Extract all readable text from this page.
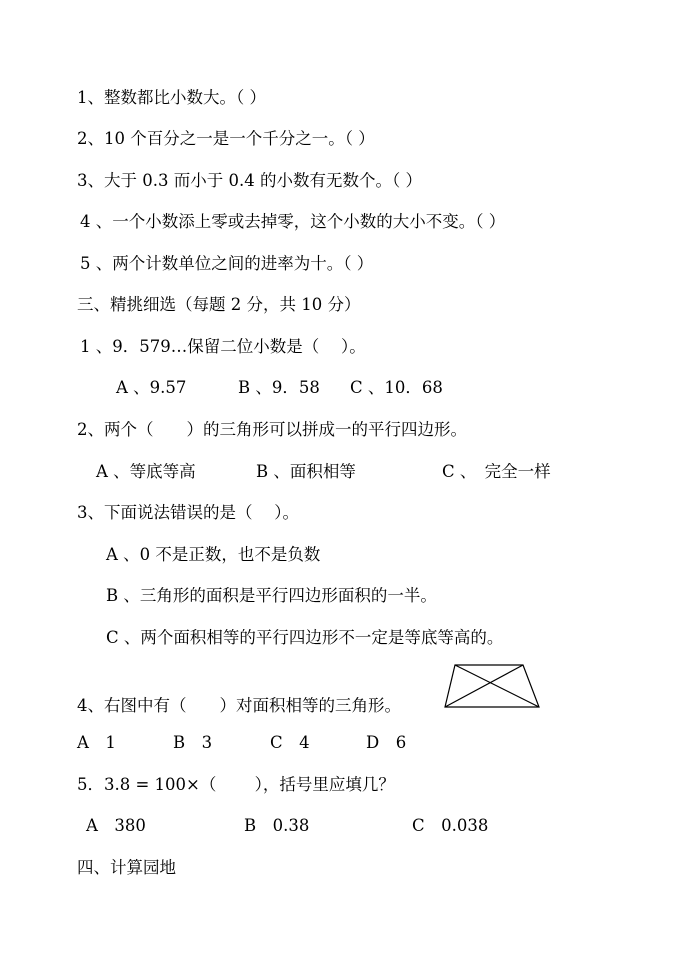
1、整数都比小数大。（ ）
2、10 个百分之一是一个千分之一。（ ）
3、大于 0.3 而小于 0.4 的小数有无数个。（ ）
4 、一个小数添上零或去掉零，这个小数的大小不变。（ ）
5 、两个计数单位之间的进率为十。（ ）
三、精挑细选（每题 2 分，共 10 分）
1 、9．579…保留二位小数是（　 ）。
A 、9.57	B 、9．58 C 、10．68
2、两个（　　）的三角形可以拼成一的平行四边形。
A 、等底等高	B 、面积相等	C 、　完全一样
3、下面说法错误的是（　 ）。
A 、0 不是正数，也不是负数
B 、三角形的面积是平行四边形面积的一半。
C 、两个面积相等的平行四边形不一定是等底等高的。
4、右图中有（　　）对面积相等的三角形。
A　1	B　3	C　4	D　6
5．3.8 = 100×（　　 ），括号里应填几？
A　380	B　0.38	C　0.038
四、计算园地
